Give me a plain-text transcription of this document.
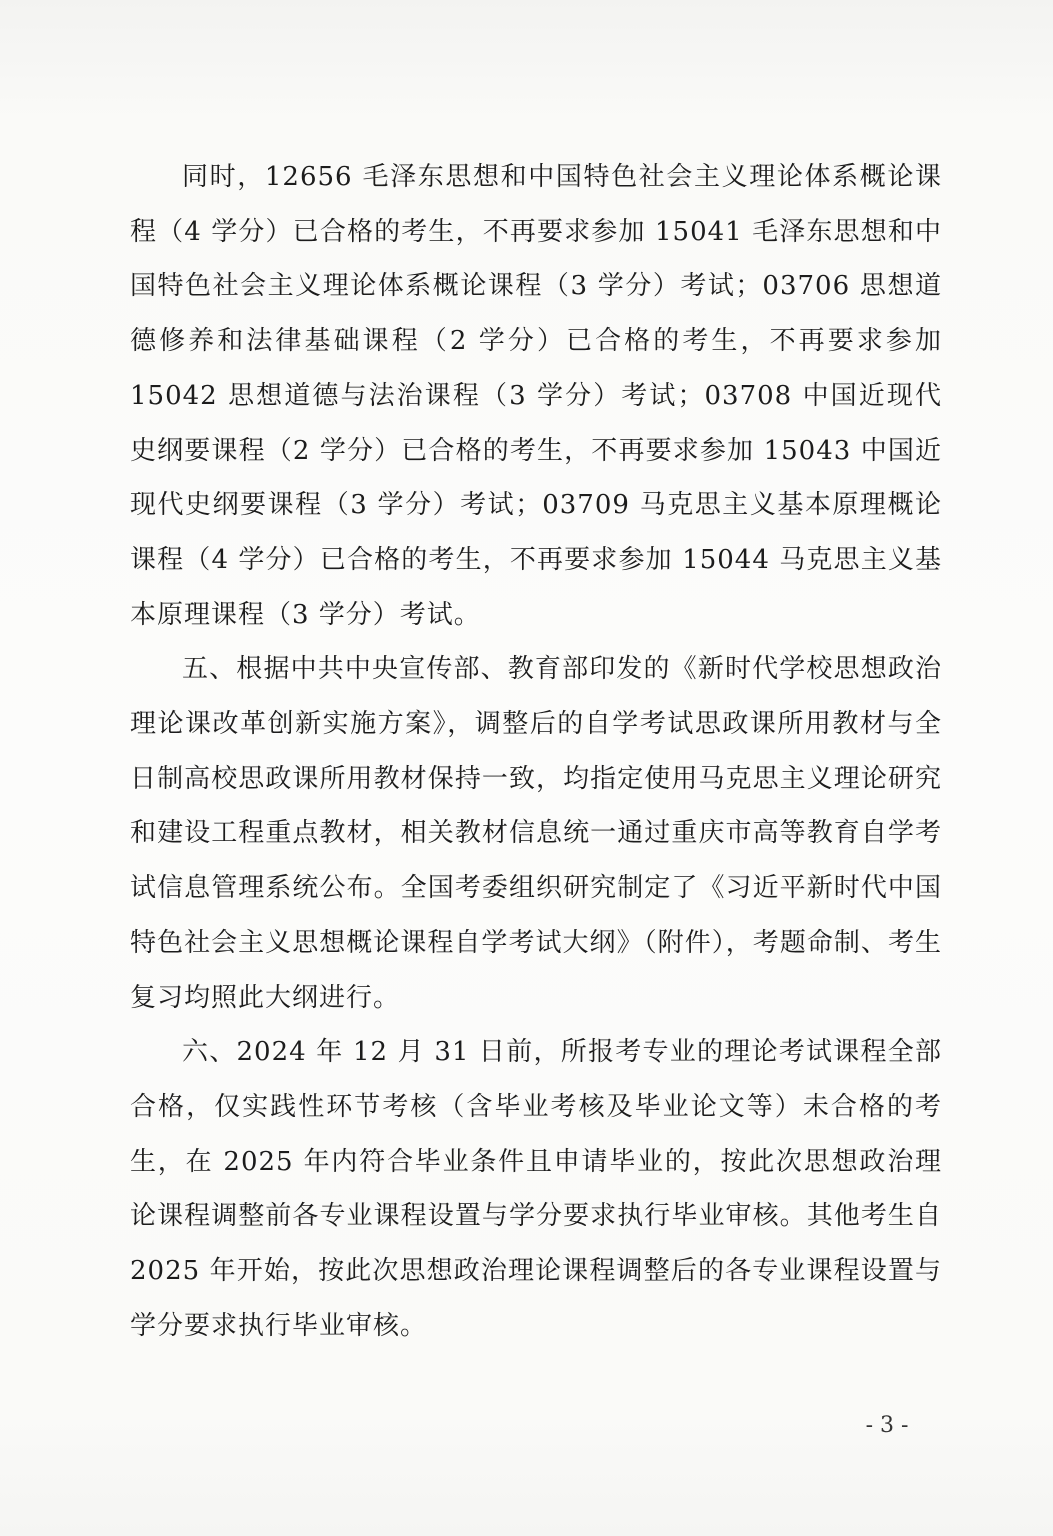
同时，12656 毛泽东思想和中国特色社会主义理论体系概论课程（4 学分）已合格的考生，不再要求参加 15041 毛泽东思想和中国特色社会主义理论体系概论课程（3 学分）考试；03706 思想道德修养和法律基础课程（2 学分）已合格的考生，不再要求参加 15042 思想道德与法治课程（3 学分）考试；03708 中国近现代史纲要课程（2 学分）已合格的考生，不再要求参加 15043 中国近现代史纲要课程（3 学分）考试；03709 马克思主义基本原理概论课程（4 学分）已合格的考生，不再要求参加 15044 马克思主义基本原理课程（3 学分）考试。

五、根据中共中央宣传部、教育部印发的《新时代学校思想政治理论课改革创新实施方案》，调整后的自学考试思政课所用教材与全日制高校思政课所用教材保持一致，均指定使用马克思主义理论研究和建设工程重点教材，相关教材信息统一通过重庆市高等教育自学考试信息管理系统公布。全国考委组织研究制定了《习近平新时代中国特色社会主义思想概论课程自学考试大纲》（附件），考题命制、考生复习均照此大纲进行。

六、2024 年 12 月 31 日前，所报考专业的理论考试课程全部合格，仅实践性环节考核（含毕业考核及毕业论文等）未合格的考生，在 2025 年内符合毕业条件且申请毕业的，按此次思想政治理论课程调整前各专业课程设置与学分要求执行毕业审核。其他考生自 2025 年开始，按此次思想政治理论课程调整后的各专业课程设置与学分要求执行毕业审核。

- 3 -
